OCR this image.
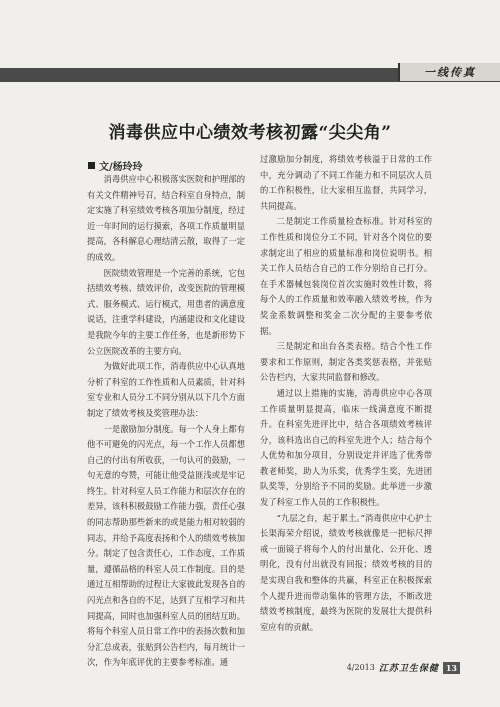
一线传真
消毒供应中心绩效考核初露“尖尖角”
文/杨玲玲

消毒供应中心积极落实医院和护理部的有关文件精神号召，结合科室自身特点，制定实施了科室绩效考核各项加分制度，经过近一年时间的运行摸索，各项工作质量明显提高，各科解息心理结清云散，取得了一定的成效。

医院绩效管理是一个完善的系统，它包括绩效考核、绩效评价，改变医院的管理模式、服务模式、运行模式，用患者的满意度说话，注重学科建设，内涵建设和文化建设是我院今年的主要工作任务，也是新形势下公立医院改革的主要方向。

为做好此项工作，消毒供应中心认真地分析了科室的工作性质和人员素质，针对科室专业和人员分工不同分别从以下几个方面制定了绩效考核及奖管理办法：

一是激励加分制度。每一个人身上都有他不可避免的闪光点，每一个工作人员都想自己的付出有所收获，一句认可的鼓励，一句无意的夸赞，可能让他受益匪浅或是牢记终生。针对科室人员工作能力和层次存在的差异，该科积极鼓励工作能力强，责任心强的同志帮助那些新来的或是能力相对较弱的同志，并给予高度表扬和个人的绩效考核加分。制定了包含责任心，工作态度，工作质量，遵循品格的科室人员工作制度。目的是通过互相帮助的过程让大家彼此发现各自的闪光点和各自的不足，达到了互相学习和共同提高，同时也加强科室人员的团结互助。将每个科室人员日常工作中的表扬次数和加分汇总成表，张贴到公告栏内，每月统计一次，作为年底评优的主要参考标准。通

过激励加分制度，将绩效考核溢于日常的工作中，充分调动了不同工作能力和不同层次人员的工作积极性，让大家相互监督，共同学习，共同提高。

二是制定工作质量检查标准。针对科室的工作性质和岗位分工不同，针对各个岗位的要求制定出了相应的质量标准和岗位说明书。相关工作人员结合自己的工作分别给自己打分。在手术器械包装岗位首次实施时效性计数，将每个人的工作质量和效率融入绩效考核，作为奖金系数调整和奖金二次分配的主要参考依据。

三是制定和出台各类表格。结合个性工作要求和工作原则，制定各类奖惩表格，并张贴公告栏内，大家共同监督和修改。

通过以上措施的实施，消毒供应中心各项工作质量明显提高，临床一线满意度不断提升。在科室先进评比中，结合各项绩效考核评分，该科选出自己的科室先进个人；结合每个人优势和加分项目，分别设定并评选了优秀带教老师奖，助人为乐奖，优秀学生奖，先进团队奖等，分别给予不同的奖励。此举进一步激发了科室工作人员的工作积极性。

“九层之台，起于累土。”消毒供应中心护士长渠海荣介绍说，绩效考核就像是一把标尺押戒一面镜子将每个人的付出量化、公开化、透明化，没有付出就没有回报；绩效考核的目的是实现自我和整体的共赢，科室正在积极探索个人提升进而带动集体的管理方法，不断改进绩效考核制度，最终为医院的发展壮大提供科室应有的贡献。

4/2013 江苏卫生保健 13
